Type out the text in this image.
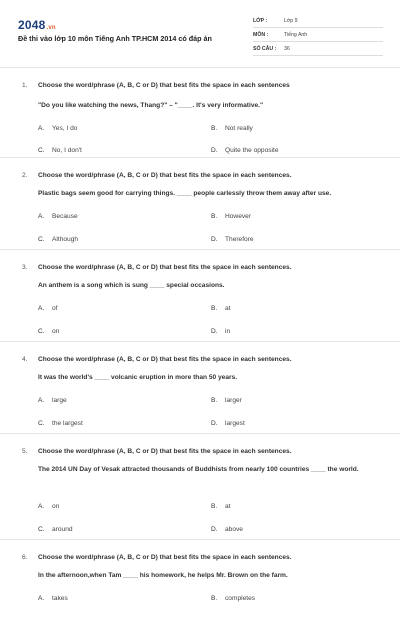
2048.vn
Đề thi vào lớp 10 môn Tiếng Anh TP.HCM 2014 có đáp án
LỚP :	Lớp 9
MÔN :	Tiếng Anh
SỐ CÂU :	36
1.	Choose the word/phrase (A, B, C or D) that best fits the space in each sentences
"Do you like watching the news, Thang?" – "____. It's very informative."
A.	Yes, I do	B.	Not really
C.	No, I don't	D.	Quite the opposite
2.	Choose the word/phrase (A, B, C or D) that best fits the space in each sentences.
Plastic bags seem good for carrying things. ____ people carlessly throw them away after use.
A.	Because	B.	However
C.	Although	D.	Therefore
3.	Choose the word/phrase (A, B, C or D) that best fits the space in each sentences.
An anthem is a song which is sung ____ special occasions.
A.	of	B.	at
C.	on	D.	in
4.	Choose the word/phrase (A, B, C or D) that best fits the space in each sentences.
It was the world's ____ volcanic eruption in more than 50 years.
A.	large	B.	larger
C.	the largest	D.	largest
5.	Choose the word/phrase (A, B, C or D) that best fits the space in each sentences.
The 2014 UN Day of Vesak attracted thousands of Buddhists from nearly 100 countries ____ the world.
A.	on	B.	at
C.	around	D.	above
6.	Choose the word/phrase (A, B, C or D) that best fits the space in each sentences.
In the afternoon,when Tam ____ his homework, he helps Mr. Brown on the farm.
A.	takes	B.	completes
